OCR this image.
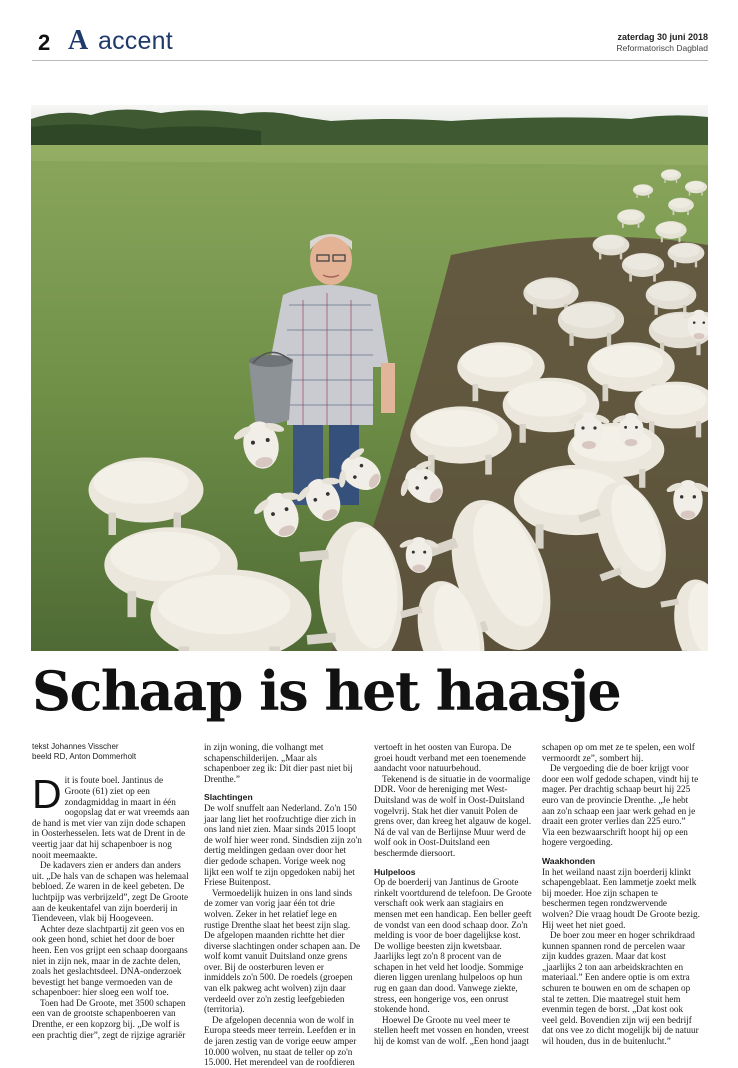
2 A accent	zaterdag 30 juni 2018
Reformatorisch Dagblad
Schaap is het haasje

tekst Johannes Visscher
beeld RD, Anton Dommerholt

Dit is foute boel. Jantinus de Groote (61) ziet op een zondagmiddag in maart in één oogopslag dat er wat vreemds aan de hand is met vier van zijn dode schapen in Oosterhesselen. Iets wat de Drent in de veertig jaar dat hij schapenboer is nog nooit meemaakte.

De kadavers zien er anders dan anders uit. „De hals van de schapen was helemaal bebloed. Ze waren in de keel gebeten. De luchtpijp was verbrijzeld”, zegt De Groote aan de keukentafel van zijn boerderij in Tiendeveen, vlak bij Hoogeveen.

Achter deze slachtpartij zit geen vos en ook geen hond, schiet het door de boer heen. Een vos grijpt een schaap doorgaans niet in zijn nek, maar in de zachte delen, zoals het geslachtsdeel. DNA-onderzoek bevestigt het bange vermoeden van de schapenboer: hier sloeg een wolf toe.

Toen had De Groote, met 3500 schapen een van de grootste schapenboeren van Drenthe, er een kopzorg bij. „De wolf is een prachtig dier”, zegt de rijzige agrariër

in zijn woning, die volhangt met schapenschilderijen. „Maar als schapenboer zeg ik: Dit dier past niet bij Drenthe.”

Slachtingen

De wolf snuffelt aan Nederland. Zo'n 150 jaar lang liet het roofzuchtige dier zich in ons land niet zien. Maar sinds 2015 loopt de wolf hier weer rond. Sindsdien zijn zo'n dertig meldingen gedaan over door het dier gedode schapen. Vorige week nog lijkt een wolf te zijn opgedoken nabij het Friese Buitenpost.

Vermoedelijk huizen in ons land sinds de zomer van vorig jaar één tot drie wolven. Zeker in het relatief lege en rustige Drenthe slaat het beest zijn slag. De afgelopen maanden richtte het dier diverse slachtingen onder schapen aan. De wolf komt vanuit Duitsland onze grens over. Bij de oosterburen leven er inmiddels zo'n 500. De roedels (groepen van elk pakweg acht wolven) zijn daar verdeeld over zo'n zestig leefgebieden (territoria).

De afgelopen decennia won de wolf in Europa steeds meer terrein. Leefden er in de jaren zestig van de vorige eeuw amper 10.000 wolven, nu staat de teller op zo'n 15.000. Het merendeel van de roofdieren

vertoeft in het oosten van Europa. De groei houdt verband met een toenemende aandacht voor natuurbehoud.

Tekenend is de situatie in de voormalige DDR. Voor de hereniging met West-Duitsland was de wolf in Oost-Duitsland vogelvrij. Stak het dier vanuit Polen de grens over, dan kreeg het algauw de kogel. Ná de val van de Berlijnse Muur werd de wolf ook in Oost-Duitsland een beschermde diersoort.

Hulpeloos

Op de boerderij van Jantinus de Groote rinkelt voortdurend de telefoon. De Groote verschaft ook werk aan stagiairs en mensen met een handicap. Een beller geeft de vondst van een dood schaap door. Zo'n melding is voor de boer dagelijkse kost. De wollige beesten zijn kwetsbaar. Jaarlijks legt zo'n 8 procent van de schapen in het veld het loodje. Sommige dieren liggen urenlang hulpeloos op hun rug en gaan dan dood. Vanwege ziekte, stress, een hongerige vos, een onrust stokende hond.

Hoewel De Groote nu veel meer te stellen heeft met vossen en honden, vreest hij de komst van de wolf. „Een hond jaagt

schapen op om met ze te spelen, een wolf vermoordt ze”, sombert hij.

De vergoeding die de boer krijgt voor door een wolf gedode schapen, vindt hij te mager. Per drachtig schaap beurt hij 225 euro van de provincie Drenthe. „Je hebt aan zo'n schaap een jaar werk gehad en je draait een groter verlies dan 225 euro.” Via een bezwaarschrift hoopt hij op een hogere vergoeding.

Waakhonden

In het weiland naast zijn boerderij klinkt schapengeblaat. Een lammetje zoekt melk bij moeder. Hoe zijn schapen te beschermen tegen rondzwervende wolven? Die vraag houdt De Groote bezig. Hij weet het niet goed.

De boer zou meer en hoger schrikdraad kunnen spannen rond de percelen waar zijn kuddes grazen. Maar dat kost „jaarlijks 2 ton aan arbeidskrachten en materiaal.” Een andere optie is om extra schuren te bouwen en om de schapen op stal te zetten. Die maatregel stuit hem evenmin tegen de borst. „Dat kost ook veel geld. Bovendien zijn wij een bedrijf dat ons vee zo dicht mogelijk bij de natuur wil houden, dus in de buitenlucht.”
